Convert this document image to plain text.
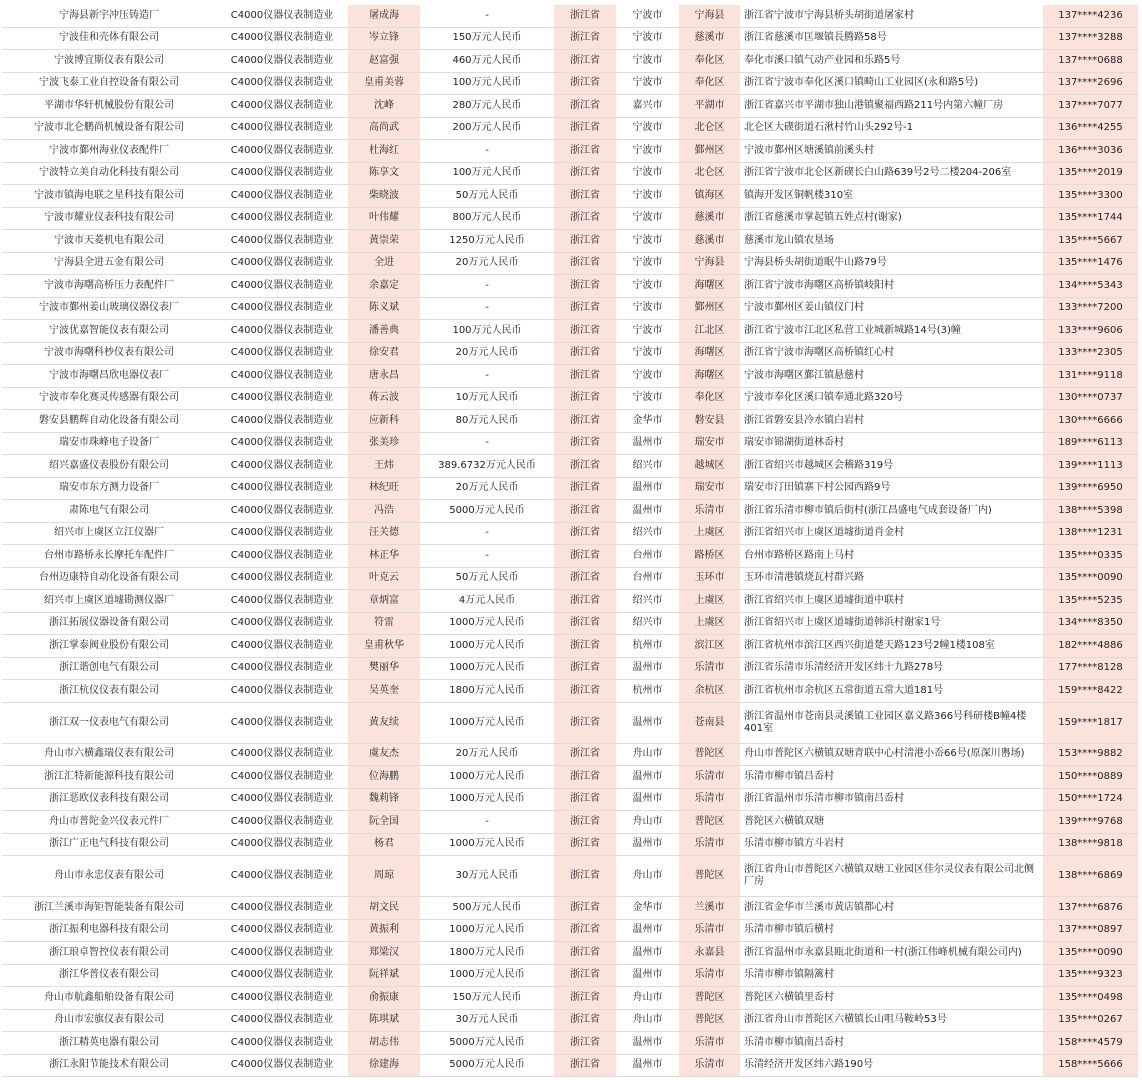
宁海县新宇冲压铸造厂	C4000仪器仪表制造业	屠成海	-	浙江省	宁波市	宁海县	浙江省宁波市宁海县桥头胡街道屠家村	137****4236
宁波佳和壳体有限公司	C4000仪器仪表制造业	岑立锋	150万元人民币	浙江省	宁波市	慈溪市	浙江省慈溪市匡堰镇長腾路58号	137****3288
宁波博宜斯仪表有限公司	C4000仪器仪表制造业	赵富强	460万元人民币	浙江省	宁波市	奉化区	奉化市溪口镇气动产业园和乐路5号	137****0688
宁波飞泰工业自控设备有限公司	C4000仪器仪表制造业	皇甫美蓉	100万元人民币	浙江省	宁波市	奉化区	浙江省宁波市奉化区溪口镇畸山工业园区(永和路5号)	137****2696
平湖市华轩机械股份有限公司	C4000仪器仪表制造业	沈峰	280万元人民币	浙江省	嘉兴市	平湖市	浙江省嘉兴市平湖市独山港镇聚福西路211号内第六幢厂房	137****7077
宁波市北仑鹏尚机械设备有限公司	C4000仪器仪表制造业	高尚武	200万元人民币	浙江省	宁波市	北仑区	北仑区大碶街道石湫村竹山头292号-1	136****4255
宁波市鄞州海业仪表配件厂	C4000仪器仪表制造业	杜海红	-	浙江省	宁波市	鄞州区	宁波市鄞州区塘溪镇前溪头村	136****3036
宁波特立美自动化科技有限公司	C4000仪器仪表制造业	陈享文	100万元人民币	浙江省	宁波市	北仑区	浙江省宁波市北仑区新碶长白山路639号2号二楼204-206室	135****2019
宁波市镇海电联之星科技有限公司	C4000仪器仪表制造业	柴晓波	50万元人民币	浙江省	宁波市	镇海区	镇海开发区铜帆楼310室	135****3300
宁波市耀业仪表科技有限公司	C4000仪器仪表制造业	叶伟耀	800万元人民币	浙江省	宁波市	慈溪市	浙江省慈溪市掌起镇五姓点村(谢家)	135****1744
宁波市天菱机电有限公司	C4000仪器仪表制造业	黄崇荣	1250万元人民币	浙江省	宁波市	慈溪市	慈溪市龙山镇农垦场	135****5667
宁海县全进五金有限公司	C4000仪器仪表制造业	全进	20万元人民币	浙江省	宁波市	宁海县	宁海县桥头胡街道眠牛山路79号	135****1476
宁波市海曙高桥压力表配件厂	C4000仪器仪表制造业	余嘉定	-	浙江省	宁波市	海曙区	浙江省宁波市海曙区高桥镇岐阳村	134****5343
宁波市鄞州姜山玻璃仪器仪表厂	C4000仪器仪表制造业	陈义斌	-	浙江省	宁波市	鄞州区	宁波市鄞州区姜山镇仪门村	133****7200
宁波优嘉智能仪表有限公司	C4000仪器仪表制造业	潘善典	100万元人民币	浙江省	宁波市	江北区	浙江省宁波市江北区私营工业城新城路14号(3)幢	133****9606
宁波市海曙科杪仪表有限公司	C4000仪器仪表制造业	徐安君	20万元人民币	浙江省	宁波市	海曙区	浙江省宁波市海曙区高桥镇红心村	133****2305
宁波市海曙昌欣电器仪表厂	C4000仪器仪表制造业	唐永昌	-	浙江省	宁波市	海曙区	宁波市海曙区鄞江镇悬慈村	131****9118
宁波市奉化赛灵传感器有限公司	C4000仪器仪表制造业	蒋云波	10万元人民币	浙江省	宁波市	奉化区	宁波市奉化区溪口镇奉通北路320号	130****0737
磐安县鹏辉自动化设备有限公司	C4000仪器仪表制造业	应新科	80万元人民币	浙江省	金华市	磐安县	浙江省磐安县冷水镇白岩村	130****6666
瑞安市珠峰电子设备厂	C4000仪器仪表制造业	张美珍	-	浙江省	温州市	瑞安市	瑞安市锦湖街道林岙村	189****6113
绍兴嘉盛仪表股份有限公司	C4000仪器仪表制造业	王炜	389.6732万元人民币	浙江省	绍兴市	越城区	浙江省绍兴市越城区会稽路319号	139****1113
瑞安市东方测力设备厂	C4000仪器仪表制造业	林纪旺	20万元人民币	浙江省	温州市	瑞安市	瑞安市汀田镇寨下村公园西路9号	139****6950
肃陈电气有限公司	C4000仪器仪表制造业	冯浩	5000万元人民币	浙江省	温州市	乐清市	浙江省乐清市柳市镇后街村(浙江昌盛电气成套设备厂内)	138****5398
绍兴市上虞区立江仪器厂	C4000仪器仪表制造业	汪关德	-	浙江省	绍兴市	上虞区	浙江省绍兴市上虞区道墟街道肖金村	138****1231
台州市路桥永长摩托车配件厂	C4000仪器仪表制造业	林正华	-	浙江省	台州市	路桥区	台州市路桥区路南上马村	135****0335
台州迈康特自动化设备有限公司	C4000仪器仪表制造业	叶克云	50万元人民币	浙江省	台州市	玉环市	玉环市清港镇烧瓦村群兴路	135****0090
绍兴市上虞区道墟勘测仪器厂	C4000仪器仪表制造业	章炳富	4万元人民币	浙江省	绍兴市	上虞区	浙江省绍兴市上虞区道墟街道中联村	135****5235
浙江拓展仪器设备有限公司	C4000仪器仪表制造业	符雷	1000万元人民币	浙江省	绍兴市	上虞区	浙江省绍兴市上虞区道墟街道韩浜村谢家1号	134****8350
浙江掌泰阀业股份有限公司	C4000仪器仪表制造业	皇甫秋华	1000万元人民币	浙江省	杭州市	滨江区	浙江省杭州市滨江区西兴街道楚天路123号2幢1楼108室	182****4886
浙江谐创电气有限公司	C4000仪器仪表制造业	樊丽华	1000万元人民币	浙江省	温州市	乐清市	浙江省乐清市乐清经济开发区纬十九路278号	177****8128
浙江杭仪仪表有限公司	C4000仪器仪表制造业	吴英奎	1800万元人民币	浙江省	杭州市	余杭区	浙江省杭州市余杭区五常街道五常大道181号	159****8422
浙江双一仪表电气有限公司	C4000仪器仪表制造业	黄友续	1000万元人民币	浙江省	温州市	苍南县	浙江省温州市苍南县灵溪镇工业园区嘉义路366号科研楼B幢4楼401室	159****1817
舟山市六横鑫瑞仪表有限公司	C4000仪器仪表制造业	虞友杰	20万元人民币	浙江省	舟山市	普陀区	舟山市普陀区六横镇双塘青联中心村清港小岙66号(原深川嶴场)	153****9882
浙江汇特新能源科技有限公司	C4000仪器仪表制造业	位海鹏	1000万元人民币	浙江省	温州市	乐清市	乐清市柳市镇吕岙村	150****0889
浙江恶欧仪表科技有限公司	C4000仪器仪表制造业	魏莉锋	1000万元人民币	浙江省	温州市	乐清市	浙江省温州市乐清市柳市镇南吕岙村	150****1724
舟山市普陀金兴仪表元件厂	C4000仪器仪表制造业	阮全国	-	浙江省	舟山市	普陀区	普陀区六横镇双塘	139****9768
浙江广正电气科技有限公司	C4000仪器仪表制造业	杨君	1000万元人民币	浙江省	温州市	乐清市	乐清市柳市镇方斗岩村	138****9818
舟山市永忠仪表有限公司	C4000仪器仪表制造业	周琼	30万元人民币	浙江省	舟山市	普陀区	浙江省舟山市普陀区六横镇双塘工业园区佳尔灵仪表有限公司北侧厂房	138****6869
浙江兰溪市海钜智能装备有限公司	C4000仪器仪表制造业	胡文民	500万元人民币	浙江省	金华市	兰溪市	浙江省金华市兰溪市黄店镇都心村	137****6876
浙江振利电器科技有限公司	C4000仪器仪表制造业	黄振利	1000万元人民币	浙江省	温州市	乐清市	乐清市柳市镇后横村	137****0897
浙江琅卓智控仪表有限公司	C4000仪器仪表制造业	郑梁汉	1800万元人民币	浙江省	温州市	永嘉县	浙江省温州市永嘉县瓯北街道和一村(浙江伟峰机械有限公司内)	135****0090
浙江华普仪表有限公司	C4000仪器仪表制造业	阮祥斌	1000万元人民币	浙江省	温州市	乐清市	乐清市柳市镇隔篱村	135****9323
舟山市航鑫船舶设备有限公司	C4000仪器仪表制造业	俞振康	150万元人民币	浙江省	舟山市	普陀区	普陀区六横镇里岙村	135****0498
舟山市宏旗仪表有限公司	C4000仪器仪表制造业	陈琪斌	30万元人民币	浙江省	舟山市	普陀区	浙江省舟山市普陀区六横镇长山咀马鞍岭53号	135****0267
浙江精英电器有限公司	C4000仪器仪表制造业	胡志伟	5000万元人民币	浙江省	温州市	乐清市	乐清市柳市镇南吕岙村	158****4579
浙江永阳节能技术有限公司	C4000仪器仪表制造业	徐建海	5000万元人民币	浙江省	温州市	乐清市	乐清经济开发区纬六路190号	158****5666
